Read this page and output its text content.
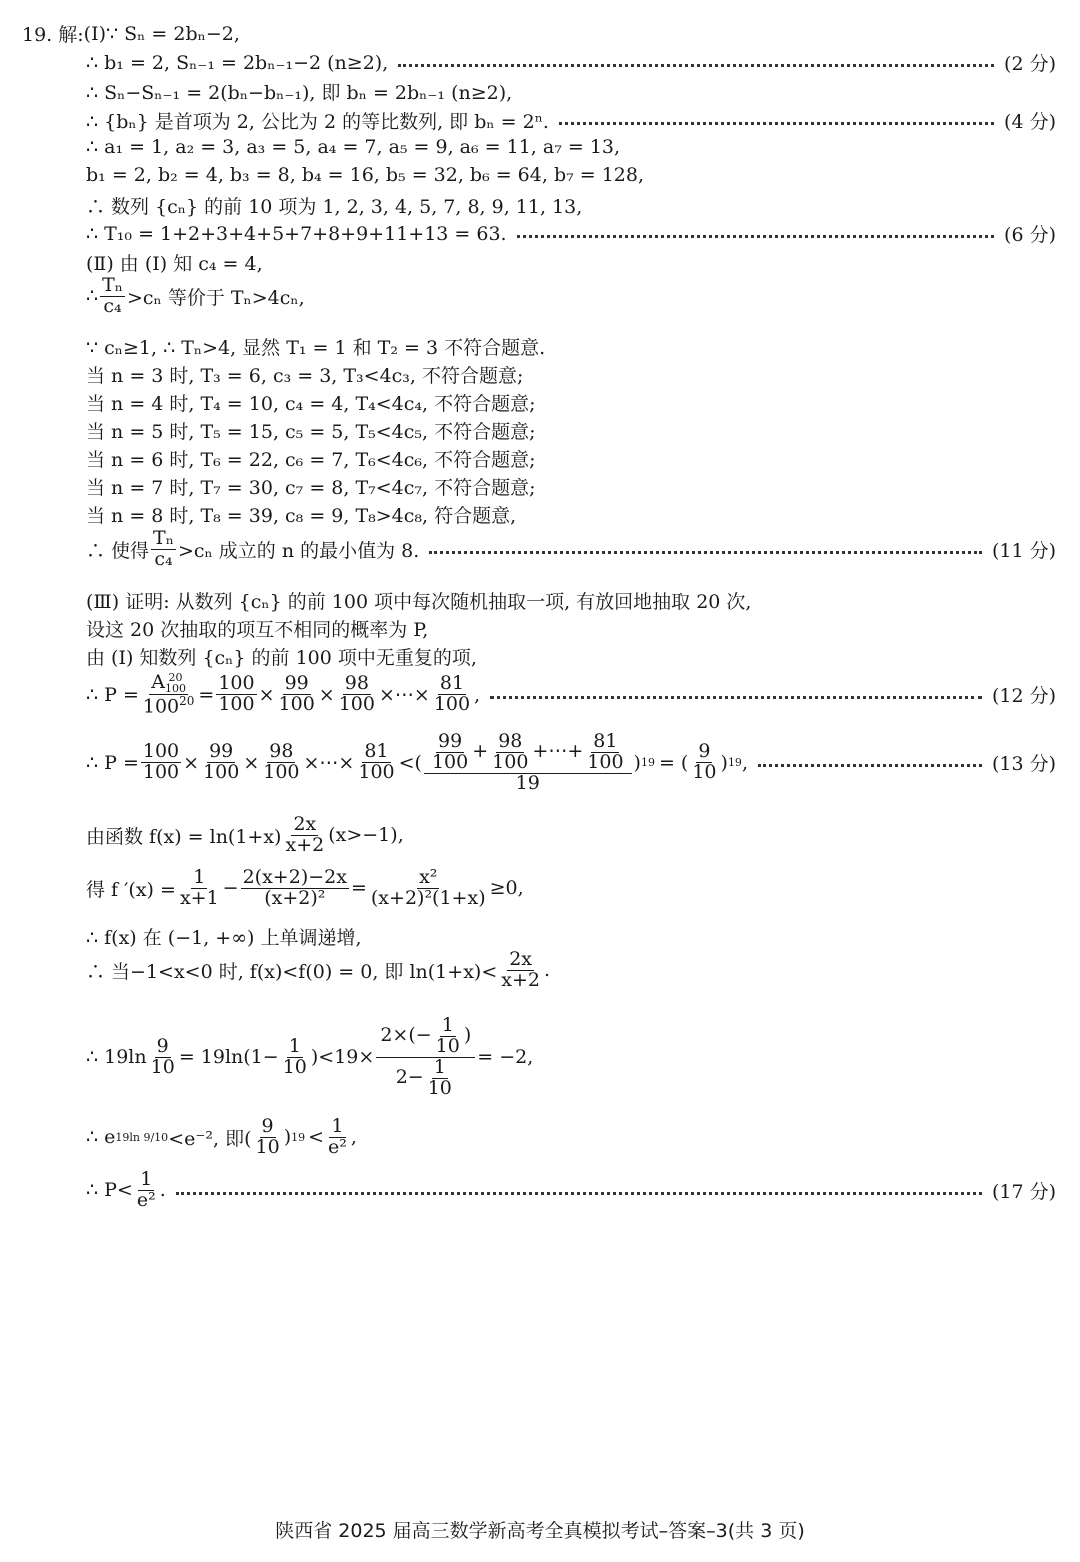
19. 解: (Ⅰ)∵ Sₙ = 2bₙ−2,
∴ b₁ = 2, Sₙ₋₁ = 2bₙ₋₁−2 (n≥2),	(2 分)
∴ Sₙ−Sₙ₋₁ = 2(bₙ−bₙ₋₁), 即 bₙ = 2bₙ₋₁ (n≥2),
∴ {bₙ} 是首项为 2, 公比为 2 的等比数列, 即 bₙ = 2ⁿ.	(4 分)
∴ a₁ = 1, a₂ = 3, a₃ = 5, a₄ = 7, a₅ = 9, a₆ = 11, a₇ = 13,
b₁ = 2, b₂ = 4, b₃ = 8, b₄ = 16, b₅ = 32, b₆ = 64, b₇ = 128,
∴ 数列 {cₙ} 的前 10 项为 1, 2, 3, 4, 5, 7, 8, 9, 11, 13,
∴ T₁₀ = 1+2+3+4+5+7+8+9+11+13 = 63.	(6 分)
(Ⅱ) 由 (Ⅰ) 知 c₄ = 4,
∴ $\frac{\text{Tₙ}}{\text{c₄}} >c_n$ 等价于 Tₙ>4cₙ,
∵ cₙ≥1, ∴ Tₙ>4, 显然 T₁ = 1 和 T₂ = 3 不符合题意.
当 n = 3 时, T₃ = 6, c₃ = 3, T₃<4c₃, 不符合题意;
当 n = 4 时, T₄ = 10, c₄ = 4, T₄<4c₄, 不符合题意;
当 n = 5 时, T₅ = 15, c₅ = 5, T₅<4c₅, 不符合题意;
当 n = 6 时, T₆ = 22, c₆ = 7, T₆<4c₆, 不符合题意;
当 n = 7 时, T₇ = 30, c₇ = 8, T₇<4c₇, 不符合题意;
当 n = 8 时, T₈ = 39, c₈ = 9, T₈>4c₈, 符合题意,
∴ 使得 $\frac{\text{Tₙ}}{\text{c₄}} >c_n$ 成立的 n 的最小值为 8.	(11 分)
(Ⅲ) 证明: 从数列 {cₙ} 的前 100 项中每次随机抽取一项, 有放回地抽取 20 次,
设这 20 次抽取的项互不相同的概率为 P,
由 (Ⅰ) 知数列 {cₙ} 的前 100 项中无重复的项,
∴ P = A 20
100
$100^{20} = \frac{100}{100} \times \frac{99}{100} \times \frac{98}{100}$ ×⋯× $\frac{81}{100}$ ,	(12 分)
∴ $P = \frac{100}{100} \times \frac{99}{100} \times \frac{98}{100}$ ×⋯× $\frac{81}{100}$ <( $\frac{99}{100} + \frac{98}{100}$ +⋯+ $\frac{81}{100}$
19
) 19 = ( $\frac{9}{10}$ ) 19 ,	(13 分)
由函数 $f(x) = \ln(1+x) \frac{2x}{x+2} (x>-1)$,
得 f $'(x) = \frac{1}{x+1} - \frac{2(x+2)-2x}{\text{(x+2)²}} = \frac{\text{x²}}{\text{(x+2)²(1+x)}} \ge 0$,
∴ f(x) 在 (−1, +∞) 上单调递增,
∴ 当−1<x<0 时, f(x)<f(0) = 0, 即 $\ln(1+x)< \frac{2x}{x+2}$ .
∴ $19\ln \frac{9}{10} = 19\ln(1- \frac{1}{10} )<19\times \frac{2\times(- \frac{1}{10} )}{2- \frac{1}{10}} = -2$,
∴ e 19ln 9/10 <e⁻², 即( $\frac{9}{10}$ ) $19 < \frac{1}{\text{e²}}$ ,
∴ $P< \frac{1}{\text{e²}}$ .	(17 分)
陕西省 2025 届高三数学新高考全真模拟考试–答案–3(共 3 页)
